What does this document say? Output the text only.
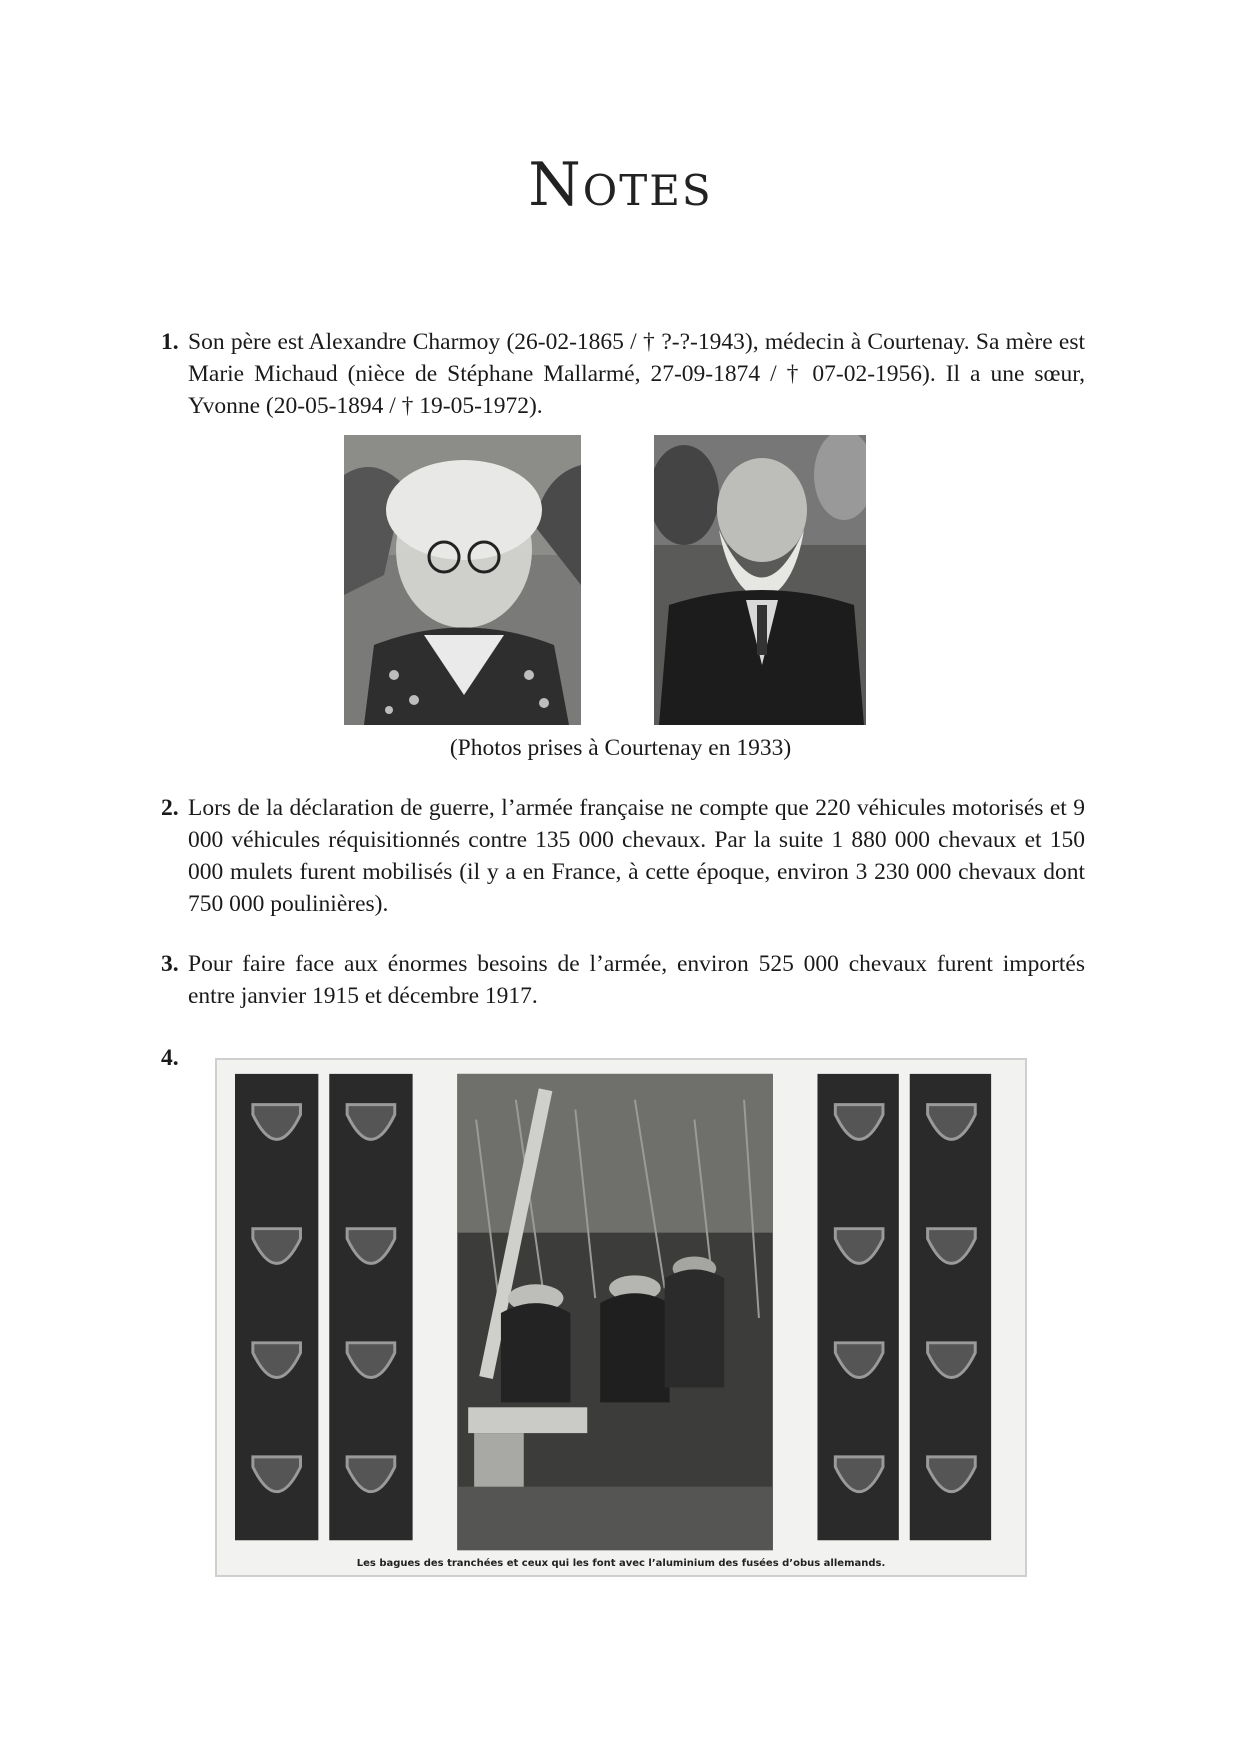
Notes
1. Son père est Alexandre Charmoy (26-02-1865 / † ?-?-1943), médecin à Courtenay. Sa mère est Marie Michaud (nièce de Stéphane Mallarmé, 27-09-1874 / † 07-02-1956). Il a une sœur, Yvonne (20-05-1894 / † 19-05-1972).
(Photos prises à Courtenay en 1933)
2. Lors de la déclaration de guerre, l’armée française ne compte que 220 véhicules motorisés et 9 000 véhicules réquisitionnés contre 135 000 chevaux. Par la suite 1 880 000 chevaux et 150 000 mulets furent mobilisés (il y a en France, à cette époque, environ 3 230 000 chevaux dont 750 000 poulinières).
3. Pour faire face aux énormes besoins de l’armée, environ 525 000 chevaux furent importés entre janvier 1915 et décembre 1917.
4.
Les bagues des tranchées et ceux qui les font avec l’aluminium des fusées d’obus allemands.
